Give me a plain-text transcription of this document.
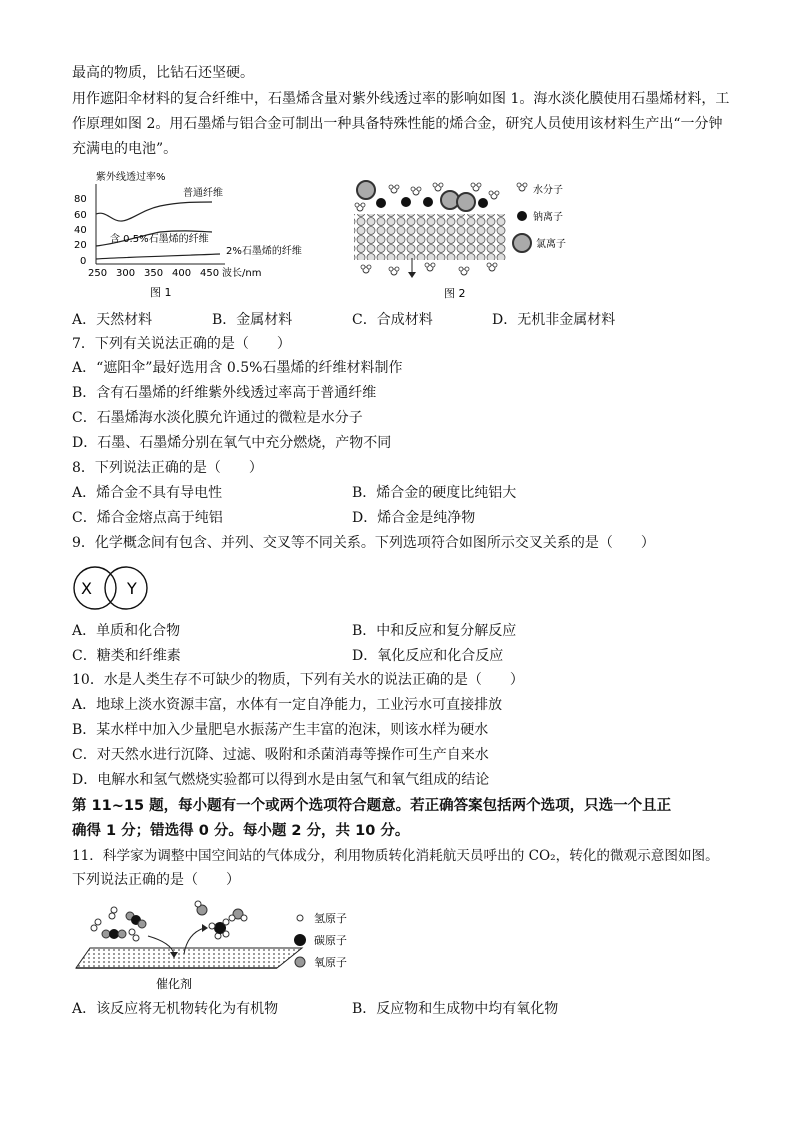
最高的物质，比钻石还坚硬。
用作遮阳伞材料的复合纤维中，石墨烯含量对紫外线透过率的影响如图 1。海水淡化膜使用石墨烯材料，工
作原理如图 2。用石墨烯与铝合金可制出一种具备特殊性能的烯合金，研究人员使用该材料生产出“一分钟
充满电的电池”。
紫外线透过率%
80
60
40
20
0
250 300 350 400 450 波长/nm
普通纤维
含 0.5%石墨烯的纤维
2%石墨烯的纤维
图 1
水分子
钠离子
氯离子
图 2
A．天然材料	B．金属材料	C．合成材料	D．无机非金属材料
7．下列有关说法正确的是（　　）
A．“遮阳伞”最好选用含 0.5%石墨烯的纤维材料制作
B．含有石墨烯的纤维紫外线透过率高于普通纤维
C．石墨烯海水淡化膜允许通过的微粒是水分子
D．石墨、石墨烯分别在氧气中充分燃烧，产物不同
8．下列说法正确的是（　　）
A．烯合金不具有导电性	B．烯合金的硬度比纯铝大
C．烯合金熔点高于纯铝	D．烯合金是纯净物
9．化学概念间有包含、并列、交叉等不同关系。下列选项符合如图所示交叉关系的是（　　）
X Y
A．单质和化合物	B．中和反应和复分解反应
C．糖类和纤维素	D．氧化反应和化合反应
10．水是人类生存不可缺少的物质，下列有关水的说法正确的是（　　）
A．地球上淡水资源丰富，水体有一定自净能力，工业污水可直接排放
B．某水样中加入少量肥皂水振荡产生丰富的泡沫，则该水样为硬水
C．对天然水进行沉降、过滤、吸附和杀菌消毒等操作可生产自来水
D．电解水和氢气燃烧实验都可以得到水是由氢气和氧气组成的结论
第 11~15 题，每小题有一个或两个选项符合题意。若正确答案包括两个选项，只选一个且正
确得 1 分；错选得 0 分。每小题 2 分，共 10 分。
11．科学家为调整中国空间站的气体成分，利用物质转化消耗航天员呼出的 CO₂，转化的微观示意图如图。
下列说法正确的是（　　）
催化剂
氢原子
碳原子
氧原子
A．该反应将无机物转化为有机物	B．反应物和生成物中均有氧化物
